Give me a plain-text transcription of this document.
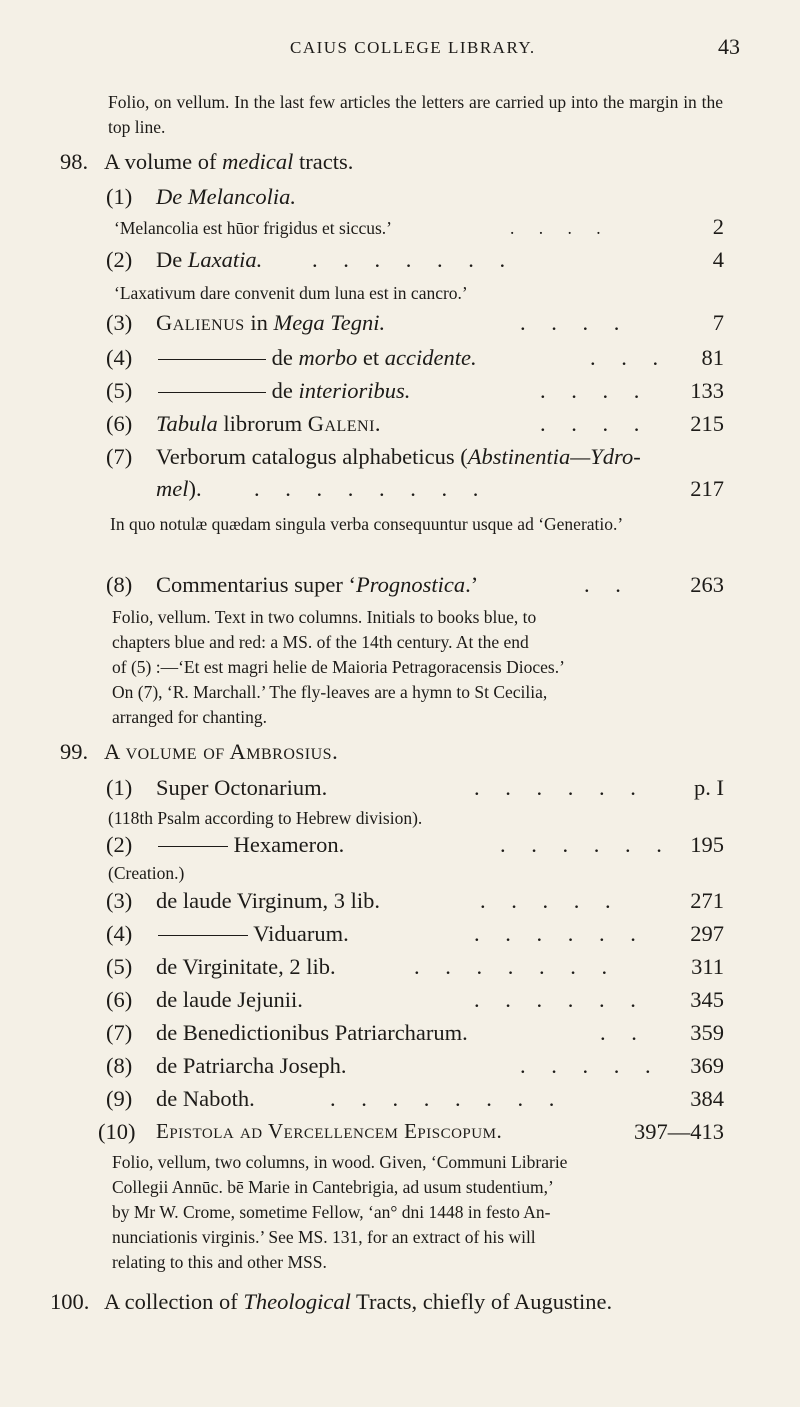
CAIUS COLLEGE LIBRARY.	43
Folio, on vellum. In the last few articles the letters are carried up into the margin in the top line.
98. A volume of medical tracts.
(1) De Melancolia.
‘Melancolia est hūor frigidus et siccus.’	. . . .	2
(2) De Laxatia. . . . . . . .	4
‘Laxativum dare convenit dum luna est in cancro.’
(3) Galienus in Mega Tegni.	. . . .	7
(4)	de morbo et accidente.	. . . 81
(5)	de interioribus.	. . . . 133
(6) Tabula librorum Galeni.	. . . . 215
(7) Verborum catalogus alphabeticus (Abstinentia—Ydro-
mel). . . . . . . . .	217
In quo notulæ quædam singula verba consequuntur usque ad ‘Generatio.’
(8) Commentarius super ‘Prognostica.’	. .	263
Folio, vellum. Text in two columns. Initials to books blue, to
chapters blue and red: a MS. of the 14th century. At the end
of (5) :—‘Et est magri helie de Maioria Petragoracensis Dioces.’
On (7), ‘R. Marchall.’ The fly-leaves are a hymn to St Cecilia,
arranged for chanting.
99. A volume of Ambrosius.
(1) Super Octonarium.	. . . . . . p. I
(118th Psalm according to Hebrew division).
(2)	Hexameron.	. . . . . . 195
(Creation.)
(3) de laude Virginum, 3 lib.	. . . . .	271
(4)	Viduarum.	. . . . . . 297
(5) de Virginitate, 2 lib.	. . . . . . .	311
(6) de laude Jejunii.	. . . . . . 345
(7) de Benedictionibus Patriarcharum.	. . 359
(8) de Patriarcha Joseph.	. . . . . 369
(9) de Naboth.	. . . . . . . .	384
(10) Epistola ad Vercellencem Episcopum.	397—413
Folio, vellum, two columns, in wood. Given, ‘Communi Librarie
Collegii Annūc. bē Marie in Cantebrigia, ad usum studentium,’
by Mr W. Crome, sometime Fellow, ‘an° dni 1448 in festo An-
nunciationis virginis.’ See MS. 131, for an extract of his will
relating to this and other MSS.
100. A collection of Theological Tracts, chiefly of Augustine.
